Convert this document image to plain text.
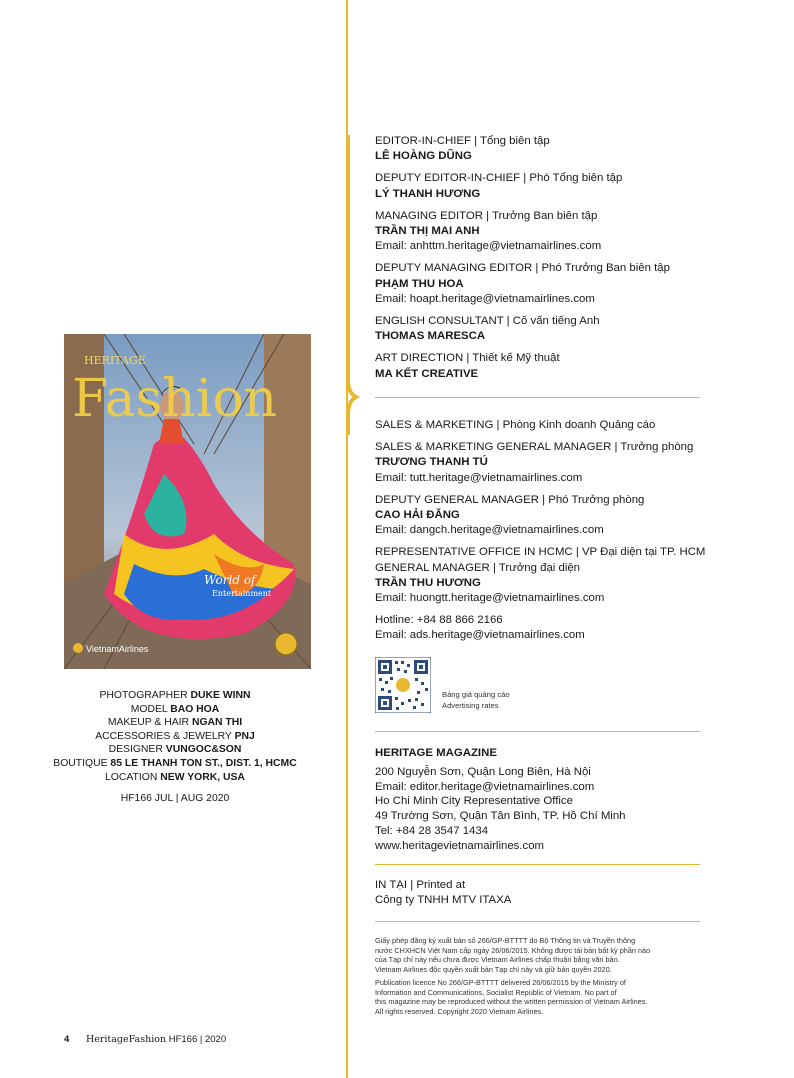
EDITOR-IN-CHIEF | Tổng biên tập
LÊ HOÀNG DŨNG
DEPUTY EDITOR-IN-CHIEF | Phó Tổng biên tập
LÝ THANH HƯƠNG
MANAGING EDITOR | Trưởng Ban biên tập
TRẦN THỊ MAI ANH
Email: anhttm.heritage@vietnamairlines.com
DEPUTY MANAGING EDITOR | Phó Trưởng Ban biên tập
PHẠM THU HOA
Email: hoapt.heritage@vietnamairlines.com
ENGLISH CONSULTANT | Cố vấn tiếng Anh
THOMAS MARESCA
ART DIRECTION | Thiết kế Mỹ thuật
MA KẾT CREATIVE
SALES & MARKETING | Phòng Kinh doanh Quảng cáo
SALES & MARKETING GENERAL MANAGER | Trưởng phòng
TRƯƠNG THANH TÚ
Email: tutt.heritage@vietnamairlines.com
DEPUTY GENERAL MANAGER | Phó Trưởng phòng
CAO HẢI ĐĂNG
Email: dangch.heritage@vietnamairlines.com
REPRESENTATIVE OFFICE IN HCMC | VP Đại diện tại TP. HCM
GENERAL MANAGER | Trưởng đại diện
TRẦN THU HƯƠNG
Email: huongtt.heritage@vietnamairlines.com
Hotline: +84 88 866 2166
Email: ads.heritage@vietnamairlines.com
Bảng giá quảng cáo
Advertising rates
HERITAGE MAGAZINE
200 Nguyễn Sơn, Quận Long Biên, Hà Nội
Email: editor.heritage@vietnamairlines.com
Ho Chi Minh City Representative Office
49 Trường Sơn, Quận Tân Bình, TP. Hồ Chí Minh
Tel: +84 28 3547 1434
www.heritagevietnamairlines.com
IN TẠI | Printed at
Công ty TNHH MTV ITAXA
Giấy phép đăng ký xuất bản số 266/GP-BTTTT do Bộ Thông tin và Truyền thông
nước CHXHCN Việt Nam cấp ngày 26/06/2015. Không được tái bản bất kỳ phần nào
của Tạp chí này nếu chưa được Vietnam Airlines chấp thuận bằng văn bản.
Vietnam Airlines độc quyền xuất bản Tạp chí này và giữ bản quyền 2020.
Publication licence No 266/GP-BTTTT delivered 26/06/2015 by the Ministry of
Information and Communications, Socialist Republic of Vietnam. No part of
this magazine may be reproduced without the written permission of Vietnam Airlines.
All rights reserved. Copyright 2020 Vietnam Airlines.
HERITAGE
Fashion
World of
Entertainment
VietnamAirlines
PHOTOGRAPHER DUKE WINN
MODEL BAO HOA
MAKEUP & HAIR NGAN THI
ACCESSORIES & JEWELRY PNJ
DESIGNER VUNGOC&SON
BOUTIQUE 85 LE THANH TON ST., DIST. 1, HCMC
LOCATION NEW YORK, USA
HF166 JUL | AUG 2020
4 HeritageFashion HF166 | 2020
